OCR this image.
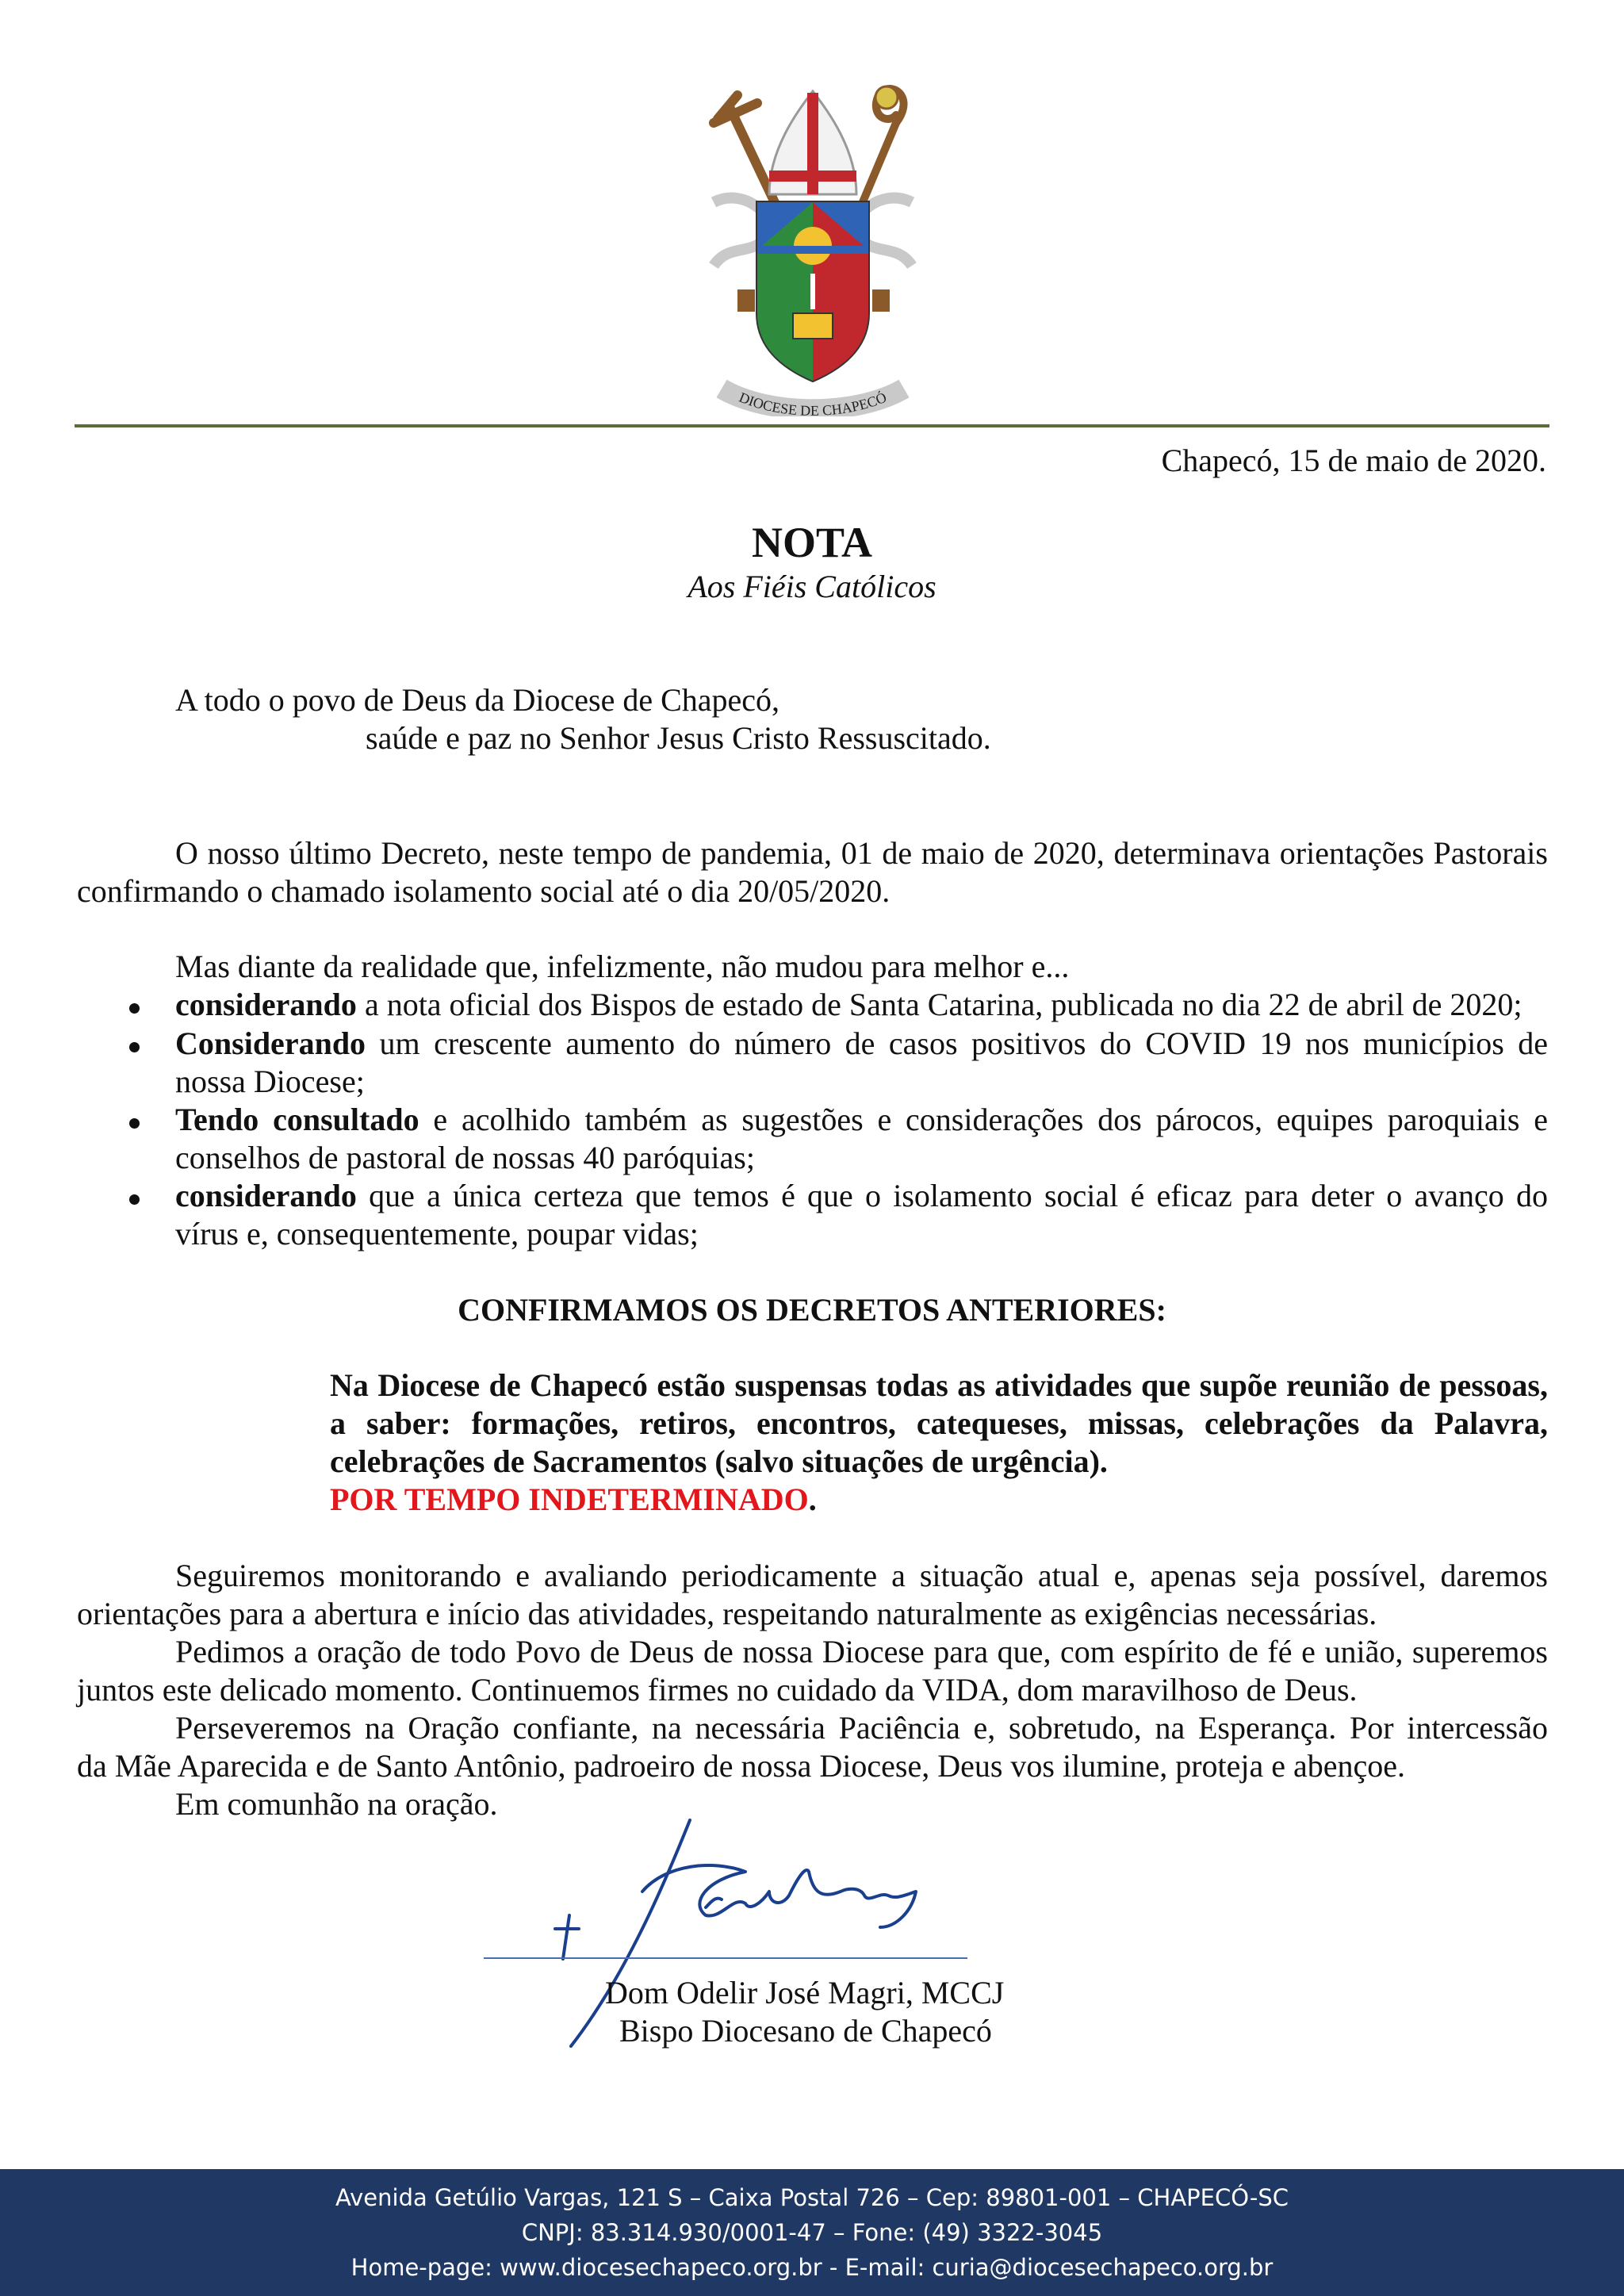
DIOCESE DE CHAPECÓ
Chapecó, 15 de maio de 2020.
NOTA
Aos Fiéis Católicos
A todo o povo de Deus da Diocese de Chapecó,
saúde e paz no Senhor Jesus Cristo Ressuscitado.
O nosso último Decreto, neste tempo de pandemia, 01 de maio de 2020, determinava orientações Pastorais
confirmando o chamado isolamento social até o dia 20/05/2020.
Mas diante da realidade que, infelizmente, não mudou para melhor e...
considerando a nota oficial dos Bispos de estado de Santa Catarina, publicada no dia 22 de abril de 2020;
Considerando um crescente aumento do número de casos positivos do COVID 19 nos municípios de
nossa Diocese;
Tendo consultado e acolhido também as sugestões e considerações dos párocos, equipes paroquiais e
conselhos de pastoral de nossas 40 paróquias;
considerando que a única certeza que temos é que o isolamento social é eficaz para deter o avanço do
vírus e, consequentemente, poupar vidas;
CONFIRMAMOS OS DECRETOS ANTERIORES:
Na Diocese de Chapecó estão suspensas todas as atividades que supõe reunião de pessoas,
a saber: formações, retiros, encontros, catequeses, missas, celebrações da Palavra,
celebrações de Sacramentos (salvo situações de urgência).
POR TEMPO INDETERMINADO.
Seguiremos monitorando e avaliando periodicamente a situação atual e, apenas seja possível, daremos
orientações para a abertura e início das atividades, respeitando naturalmente as exigências necessárias.
Pedimos a oração de todo Povo de Deus de nossa Diocese para que, com espírito de fé e união, superemos
juntos este delicado momento. Continuemos firmes no cuidado da VIDA, dom maravilhoso de Deus.
Perseveremos na Oração confiante, na necessária Paciência e, sobretudo, na Esperança. Por intercessão
da Mãe Aparecida e de Santo Antônio, padroeiro de nossa Diocese, Deus vos ilumine, proteja e abençoe.
Em comunhão na oração.
Dom Odelir José Magri, MCCJ
Bispo Diocesano de Chapecó
Avenida Getúlio Vargas, 121 S – Caixa Postal 726 – Cep: 89801-001 – CHAPECÓ-SC
CNPJ: 83.314.930/0001-47 – Fone: (49) 3322-3045
Home-page: www.diocesechapeco.org.br - E-mail: curia@diocesechapeco.org.br
